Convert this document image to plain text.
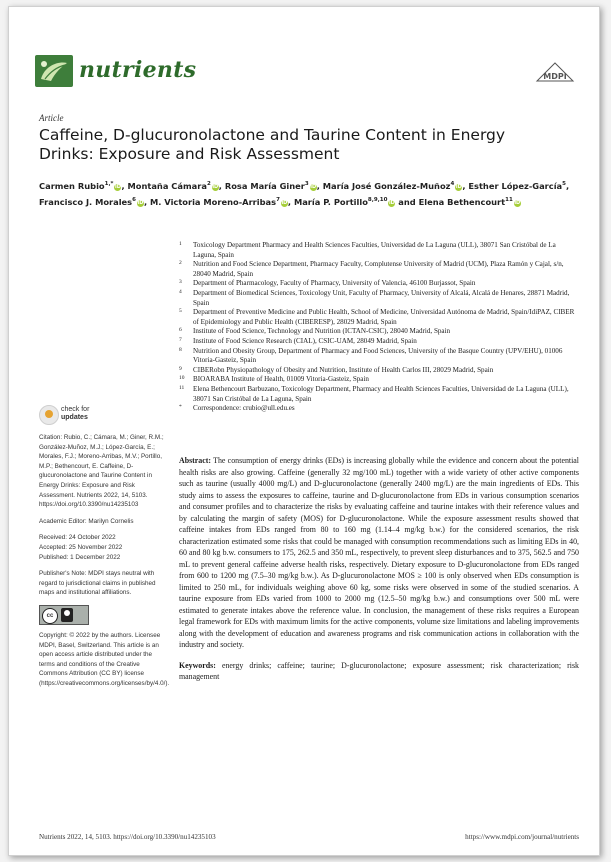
nutrients	MDPI
Article
Caffeine, D-glucuronolactone and Taurine Content in Energy Drinks: Exposure and Risk Assessment
Carmen Rubio$^{1,*}$ iD, Montaña Cámara$^2$ iD, Rosa María Giner$^3$ iD, María José González-Muñoz$^4$ iD, Esther López-García$^5$, Francisco J. Morales$^6$ iD, M. Victoria Moreno-Arribas$^7$ iD, María P. Portillo$^{8,9,10}$ iD and Elena Bethencourt$^{11}$ iD
1 Toxicology Department Pharmacy and Health Sciences Faculties, Universidad de La Laguna (ULL), 38071 San Cristóbal de La Laguna, Spain
2 Nutrition and Food Science Department, Pharmacy Faculty, Complutense University of Madrid (UCM), Plaza Ramón y Cajal, s/n, 28040 Madrid, Spain
3 Department of Pharmacology, Faculty of Pharmacy, University of Valencia, 46100 Burjassot, Spain
4 Department of Biomedical Sciences, Toxicology Unit, Faculty of Pharmacy, University of Alcalá, Alcalá de Henares, 28871 Madrid, Spain
5 Department of Preventive Medicine and Public Health, School of Medicine, Universidad Autónoma de Madrid, Spain/IdiPAZ, CIBER of Epidemiology and Public Health (CIBERESP), 28029 Madrid, Spain
6 Institute of Food Science, Technology and Nutrition (ICTAN-CSIC), 28040 Madrid, Spain
7 Institute of Food Science Research (CIAL), CSIC-UAM, 28049 Madrid, Spain
8 Nutrition and Obesity Group, Department of Pharmacy and Food Sciences, University of the Basque Country (UPV/EHU), 01006 Vitoria-Gasteiz, Spain
9 CIBERobn Physiopathology of Obesity and Nutrition, Institute of Health Carlos III, 28029 Madrid, Spain
10 BIOARABA Institute of Health, 01009 Vitoria-Gasteiz, Spain
11 Elena Bethencourt Barbuzano, Toxicology Department, Pharmacy and Health Sciences Faculties, Universidad de La Laguna (ULL), 38071 San Cristóbal de La Laguna, Spain
* Correspondence: crubio@ull.edu.es
check for
updates
Citation: Rubio, C.; Cámara, M.; Giner, R.M.; González-Muñoz, M.J.; López-García, E.; Morales, F.J.; Moreno-Arribas, M.V.; Portillo, M.P.; Bethencourt, E. Caffeine, D-glucuronolactone and Taurine Content in Energy Drinks: Exposure and Risk Assessment. Nutrients 2022, 14, 5103. https://doi.org/10.3390/nu14235103
Academic Editor: Marilyn Cornelis
Received: 24 October 2022
Accepted: 25 November 2022
Published: 1 December 2022
Publisher's Note: MDPI stays neutral with regard to jurisdictional claims in published maps and institutional affiliations.
cc
Copyright: © 2022 by the authors. Licensee MDPI, Basel, Switzerland. This article is an open access article distributed under the terms and conditions of the Creative Commons Attribution (CC BY) license (https://creativecommons.org/licenses/by/4.0/).
Abstract: The consumption of energy drinks (EDs) is increasing globally while the evidence and concern about the potential health risks are also growing. Caffeine (generally 32 mg/100 mL) together with a wide variety of other active components such as taurine (usually 4000 mg/L) and D-glucuronolactone (generally 2400 mg/L) are the main ingredients of EDs. This study aims to assess the exposures to caffeine, taurine and D-glucuronolactone from EDs in various consumption scenarios and consumer profiles and to characterize the risks by evaluating caffeine and taurine intakes with their reference values and by calculating the margin of safety (MOS) for D-glucuronolactone. While the exposure assessment results showed that caffeine intakes from EDs ranged from 80 to 160 mg (1.14–4 mg/kg b.w.) for the considered scenarios, the risk characterization estimated some risks that could be managed with consumption recommendations such as limiting EDs in 40, 60 and 80 kg b.w. consumers to 175, 262.5 and 350 mL, respectively, to prevent sleep disturbances and to 375, 562.5 and 750 mL to prevent general caffeine adverse health risks, respectively. Dietary exposure to D-glucuronolactone from EDs ranged from 600 to 1200 mg (7.5–30 mg/kg b.w.). As D-glucuronolactone MOS ≥ 100 is only observed when EDs consumption is limited to 250 mL, for individuals weighing above 60 kg, some risks were observed in some of the studied scenarios. A taurine exposure from EDs varied from 1000 to 2000 mg (12.5–50 mg/kg b.w.) and consumptions over 500 mL were estimated to generate intakes above the reference value. In conclusion, the management of these risks requires a European legal framework for EDs with maximum limits for the active components, volume size limitations and labeling improvements along with the development of education and awareness programs and risk communication actions in collaboration with the industry and society.
Keywords: energy drinks; caffeine; taurine; D-glucuronolactone; exposure assessment; risk characterization; risk management
Nutrients 2022, 14, 5103. https://doi.org/10.3390/nu14235103	https://www.mdpi.com/journal/nutrients
